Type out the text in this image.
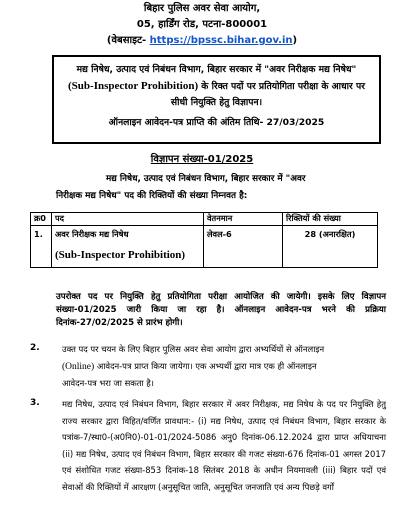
बिहार पुलिस अवर सेवा आयोग,
05, हार्डिंग रोड, पटना-800001
(वेबसाइट- https://bpssc.bihar.gov.in)
मद्य निषेध, उत्पाद एवं निबंधन विभाग, बिहार सरकार में "अवर निरीक्षक मद्य निषेध"
(Sub-Inspector Prohibition) के रिक्त पदों पर प्रतियोगिता परीक्षा के आधार पर
सीधी नियुक्ति हेतु विज्ञापन।
ऑनलाइन आवेदन-पत्र प्राप्ति की अंतिम तिथि- 27/03/2025
विज्ञापन संख्या-01/2025
मद्य निषेध, उत्पाद एवं निबंधन विभाग, बिहार सरकार में "अवर
निरीक्षक मद्य निषेध" पद की रिक्तियों की संख्या निम्नवत है:
क्र0	पद	वेतनमान	रिक्तियों की संख्या
1.	अवर निरीक्षक मद्य निषेध
(Sub-Inspector Prohibition)	लेवल-6	28 (अनारक्षित)
उपरोक्त पद पर नियुक्ति हेतु प्रतियोगिता परीक्षा आयोजित की जायेगी। इसके लिए विज्ञापन संख्या-01/2025 जारी किया जा रहा है। ऑनलाइन आवेदन-पत्र भरने की प्रक्रिया दिनांक-27/02/2025 से प्रारंभ होगी।
2.	उक्त पद पर चयन के लिए बिहार पुलिस अवर सेवा आयोग द्वारा अभ्यर्थियों से ऑनलाइन
(Online) आवेदन-पत्र प्राप्त किया जायेगा। एक अभ्यर्थी द्वारा मात्र एक ही ऑनलाइन
आवेदन-पत्र भरा जा सकता है।
3.	मद्य निषेध, उत्पाद एवं निबंधन विभाग, बिहार सरकार में अवर निरीक्षक, मद्य निषेध के पद पर नियुक्ति हेतु राज्य सरकार द्वारा विहित/वर्णित प्रावधान:- (i) मद्य निषेध, उत्पाद एवं निबंधन विभाग, बिहार सरकार के पत्रांक-7/स्था0-(अ0नि0)-01-01/2024-5086 अनु0 दिनांक-06.12.2024 द्वारा प्राप्त अधियाचना (ii) मद्य निषेध, उत्पाद एवं निबंधन विभाग, बिहार सरकार की गजट संख्या-676 दिनांक-01 अगस्त 2017 एवं संशोधित गजट संख्या-853 दिनांक-18 सितंबर 2018 के अधीन नियमावली (iii) बिहार पदों एवं सेवाओं की रिक्तियों में आरक्षण (अनुसूचित जाति, अनुसूचित जनजाति एवं अन्य पिछड़े वर्गों
